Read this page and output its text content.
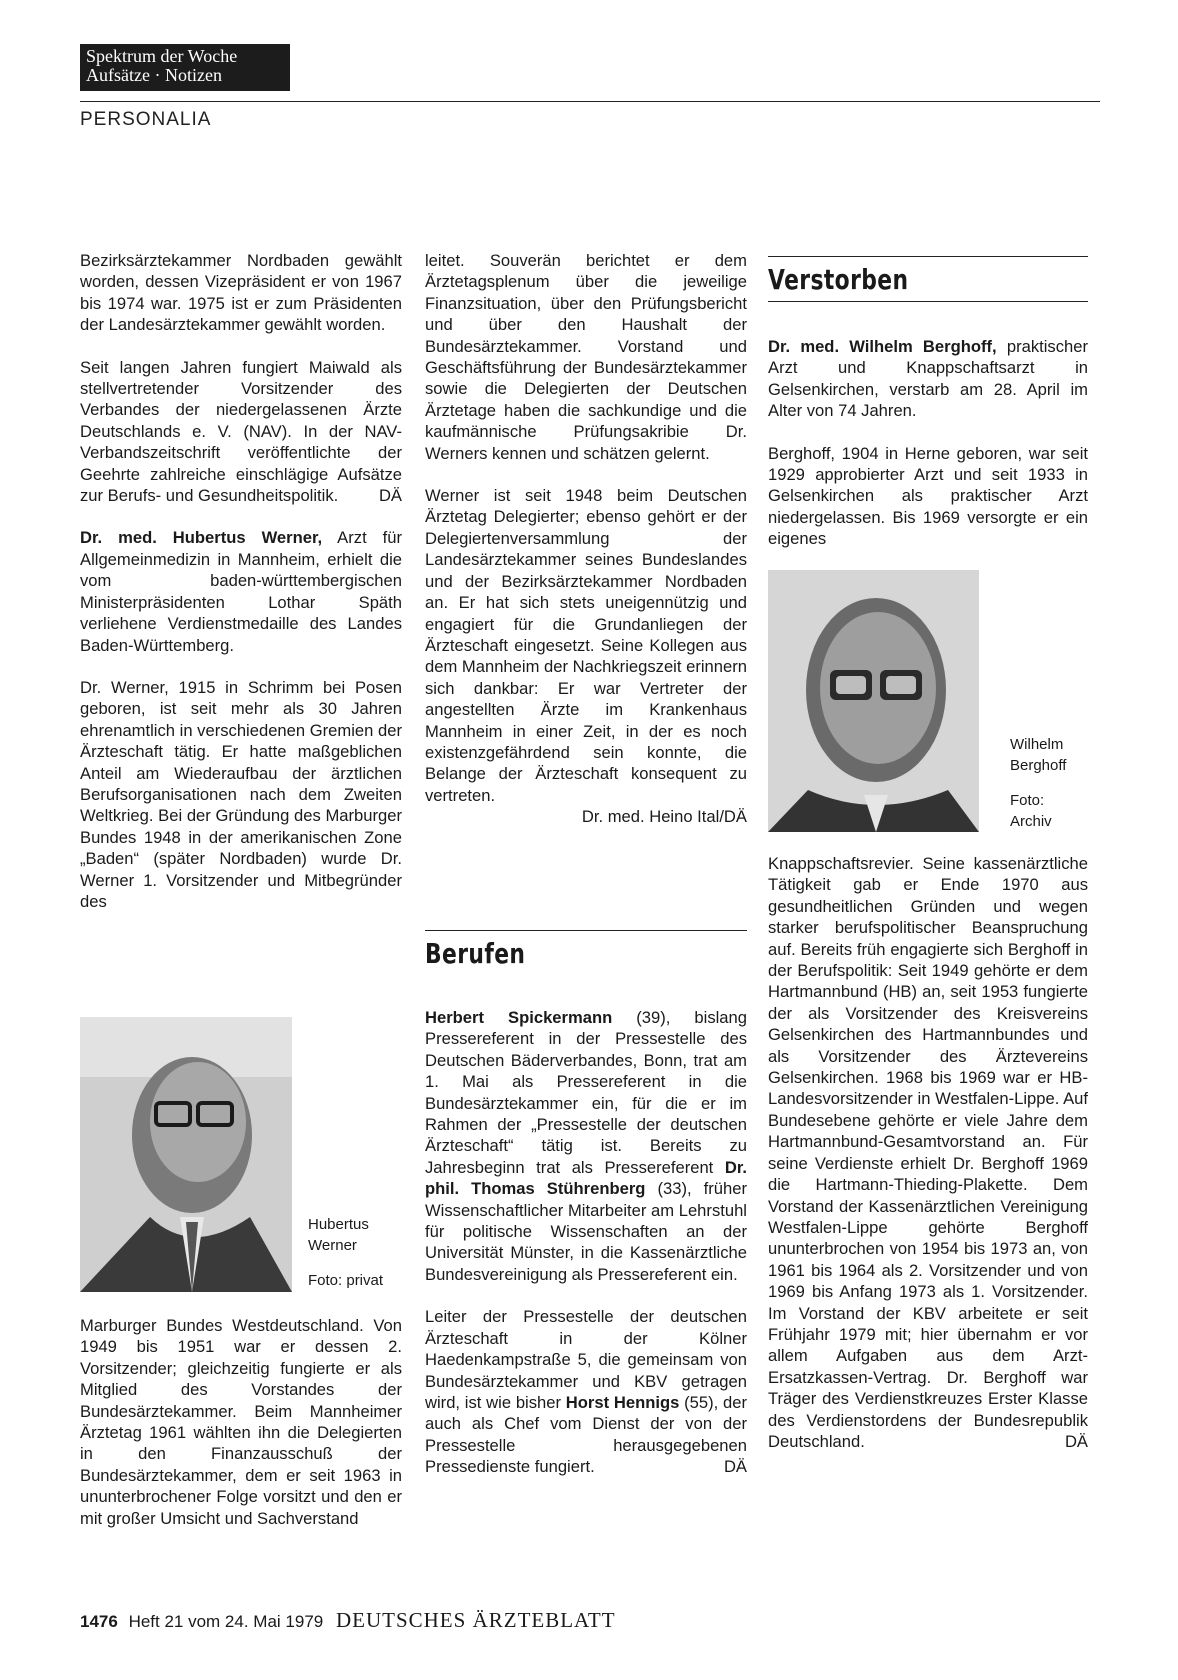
Spektrum der Woche
Aufsätze · Notizen
PERSONALIA

Bezirksärztekammer Nordbaden gewählt worden, dessen Vizepräsident er von 1967 bis 1974 war. 1975 ist er zum Präsidenten der Landesärztekammer gewählt worden.

Seit langen Jahren fungiert Maiwald als stellvertretender Vorsitzender des Verbandes der niedergelassenen Ärzte Deutschlands e. V. (NAV). In der NAV-Verbandszeitschrift veröffentlichte der Geehrte zahlreiche einschlägige Aufsätze zur Berufs- und Gesundheitspolitik. DÄ

Dr. med. Hubertus Werner, Arzt für Allgemeinmedizin in Mannheim, erhielt die vom baden-württembergischen Ministerpräsidenten Lothar Späth verliehene Verdienstmedaille des Landes Baden-Württemberg.

Dr. Werner, 1915 in Schrimm bei Posen geboren, ist seit mehr als 30 Jahren ehrenamtlich in verschiedenen Gremien der Ärzteschaft tätig. Er hatte maßgeblichen Anteil am Wiederaufbau der ärztlichen Berufsorganisationen nach dem Zweiten Weltkrieg. Bei der Gründung des Marburger Bundes 1948 in der amerikanischen Zone „Baden“ (später Nordbaden) wurde Dr. Werner 1. Vorsitzender und Mitbegründer des

Hubertus
Werner
Foto: privat

Marburger Bundes Westdeutschland. Von 1949 bis 1951 war er dessen 2. Vorsitzender; gleichzeitig fungierte er als Mitglied des Vorstandes der Bundesärztekammer. Beim Mannheimer Ärztetag 1961 wählten ihn die Delegierten in den Finanzausschuß der Bundesärztekammer, dem er seit 1963 in ununterbrochener Folge vorsitzt und den er mit großer Umsicht und Sachverstand

leitet. Souverän berichtet er dem Ärztetagsplenum über die jeweilige Finanzsituation, über den Prüfungsbericht und über den Haushalt der Bundesärztekammer. Vorstand und Geschäftsführung der Bundesärztekammer sowie die Delegierten der Deutschen Ärztetage haben die sachkundige und die kaufmännische Prüfungsakribie Dr. Werners kennen und schätzen gelernt.

Werner ist seit 1948 beim Deutschen Ärztetag Delegierter; ebenso gehört er der Delegiertenversammlung der Landesärztekammer seines Bundeslandes und der Bezirksärztekammer Nordbaden an. Er hat sich stets uneigennützig und engagiert für die Grundanliegen der Ärzteschaft eingesetzt. Seine Kollegen aus dem Mannheim der Nachkriegszeit erinnern sich dankbar: Er war Vertreter der angestellten Ärzte im Krankenhaus Mannheim in einer Zeit, in der es noch existenzgefährdend sein konnte, die Belange der Ärzteschaft konsequent zu vertreten.

Dr. med. Heino Ital/DÄ

Berufen

Herbert Spickermann (39), bislang Pressereferent in der Pressestelle des Deutschen Bäderverbandes, Bonn, trat am 1. Mai als Pressereferent in die Bundesärztekammer ein, für die er im Rahmen der „Pressestelle der deutschen Ärzteschaft“ tätig ist. Bereits zu Jahresbeginn trat als Pressereferent Dr. phil. Thomas Stührenberg (33), früher Wissenschaftlicher Mitarbeiter am Lehrstuhl für politische Wissenschaften an der Universität Münster, in die Kassenärztliche Bundesvereinigung als Pressereferent ein.

Leiter der Pressestelle der deutschen Ärzteschaft in der Kölner Haedenkampstraße 5, die gemeinsam von Bundesärztekammer und KBV getragen wird, ist wie bisher Horst Hennigs (55), der auch als Chef vom Dienst der von der Pressestelle herausgegebenen Pressedienste fungiert.	DÄ

Verstorben

Dr. med. Wilhelm Berghoff, praktischer Arzt und Knappschaftsarzt in Gelsenkirchen, verstarb am 28. April im Alter von 74 Jahren.

Berghoff, 1904 in Herne geboren, war seit 1929 approbierter Arzt und seit 1933 in Gelsenkirchen als praktischer Arzt niedergelassen. Bis 1969 versorgte er ein eigenes

Wilhelm
Berghoff
Foto:
Archiv

Knappschaftsrevier. Seine kassenärztliche Tätigkeit gab er Ende 1970 aus gesundheitlichen Gründen und wegen starker berufspolitischer Beanspruchung auf. Bereits früh engagierte sich Berghoff in der Berufspolitik: Seit 1949 gehörte er dem Hartmannbund (HB) an, seit 1953 fungierte der als Vorsitzender des Kreisvereins Gelsenkirchen des Hartmannbundes und als Vorsitzender des Ärztevereins Gelsenkirchen. 1968 bis 1969 war er HB-Landesvorsitzender in Westfalen-Lippe. Auf Bundesebene gehörte er viele Jahre dem Hartmannbund-Gesamtvorstand an. Für seine Verdienste erhielt Dr. Berghoff 1969 die Hartmann-Thieding-Plakette. Dem Vorstand der Kassenärztlichen Vereinigung Westfalen-Lippe gehörte Berghoff ununterbrochen von 1954 bis 1973 an, von 1961 bis 1964 als 2. Vorsitzender und von 1969 bis Anfang 1973 als 1. Vorsitzender. Im Vorstand der KBV arbeitete er seit Frühjahr 1979 mit; hier übernahm er vor allem Aufgaben aus dem Arzt-Ersatzkassen-Vertrag. Dr. Berghoff war Träger des Verdienstkreuzes Erster Klasse des Verdienstordens der Bundesrepublik Deutschland.	DÄ

1476 Heft 21 vom 24. Mai 1979 DEUTSCHES ÄRZTEBLATT
